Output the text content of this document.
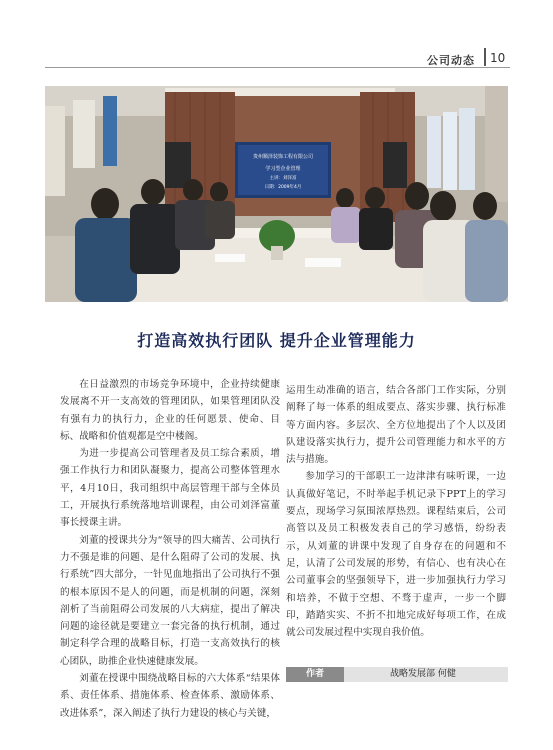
公司动态 10
贵州顺泽装饰工程有限公司
学习型企业管理
主讲：刘泽富
日期：2009年4月
打造高效执行团队 提升企业管理能力

在日益激烈的市场竞争环境中，企业持续健康发展离不开一支高效的管理团队，如果管理团队没有强有力的执行力，企业的任何愿景、使命、目标、战略和价值观都是空中楼阁。

为进一步提高公司管理者及员工综合素质，增强工作执行力和团队凝聚力，提高公司整体管理水平，4月10日，我司组织中高层管理干部与全体员工，开展执行系统落地培训课程，由公司刘泽富董事长授课主讲。

刘董的授课共分为“领导的四大痛苦、公司执行力不强是谁的问题、是什么阻碍了公司的发展、执行系统”四大部分，一针见血地指出了公司执行不强的根本原因不是人的问题，而是机制的问题，深刻剖析了当前阻碍公司发展的八大病症，提出了解决问题的途径就是要建立一套完备的执行机制，通过制定科学合理的战略目标，打造一支高效执行的核心团队，助推企业快速健康发展。

刘董在授课中围绕战略目标的六大体系“结果体系、责任体系、措施体系、检查体系、激励体系、改进体系”，深入阐述了执行力建设的核心与关键，

运用生动准确的语言，结合各部门工作实际，分别阐释了每一体系的组成要点、落实步骤、执行标准等方面内容。多层次、全方位地提出了个人以及团队建设落实执行力，提升公司管理能力和水平的方法与措施。

参加学习的干部职工一边津津有味听课，一边认真做好笔记，不时举起手机记录下PPT上的学习要点，现场学习氛围浓厚热烈。课程结束后，公司高管以及员工积极发表自己的学习感悟，纷纷表示，从刘董的讲课中发现了自身存在的问题和不足，认清了公司发展的形势，有信心、也有决心在公司董事会的坚强领导下，进一步加强执行力学习和培养，不做于空想、不骛于虚声，一步一个脚印，踏踏实实、不折不扣地完成好每项工作，在成就公司发展过程中实现自我价值。

作者	战略发展部 何健
